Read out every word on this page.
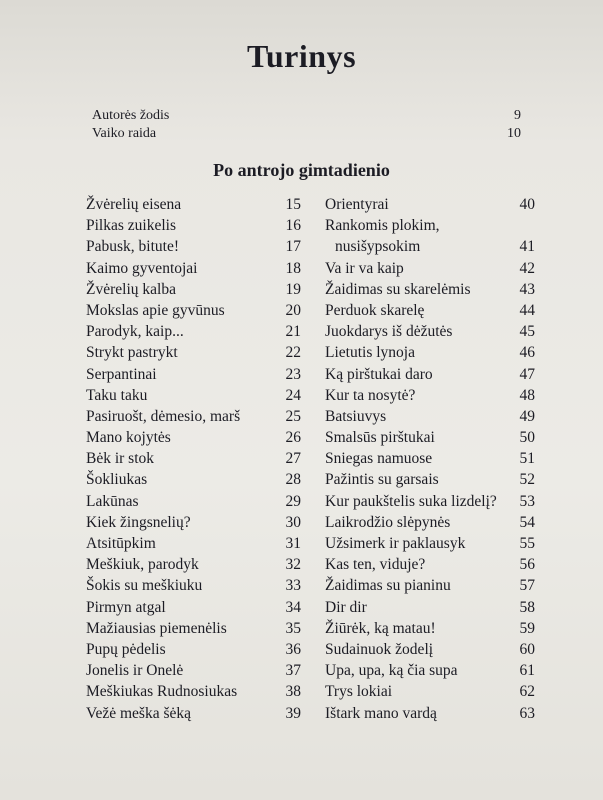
Turinys
Autorės žodis	9
Vaiko raida	10
Po antrojo gimtadienio
Žvėrelių eisena	15
Pilkas zuikelis	16
Pabusk, bitute!	17
Kaimo gyventojai	18
Žvėrelių kalba	19
Mokslas apie gyvūnus	20
Parodyk, kaip...	21
Strykt pastrykt	22
Serpantinai	23
Taku taku	24
Pasiruošt, dėmesio, marš	25
Mano kojytės	26
Bėk ir stok	27
Šokliukas	28
Lakūnas	29
Kiek žingsnelių?	30
Atsitūpkim	31
Meškiuk, parodyk	32
Šokis su meškiuku	33
Pirmyn atgal	34
Mažiausias piemenėlis	35
Pupų pėdelis	36
Jonelis ir Onelė	37
Meškiukas Rudnosiukas	38
Vežė meška šėką	39
Orientyrai	40
Rankomis plokim,
nusišypsokim	41
Va ir va kaip	42
Žaidimas su skarelėmis	43
Perduok skarelę	44
Juokdarys iš dėžutės	45
Lietutis lynoja	46
Ką pirštukai daro	47
Kur ta nosytė?	48
Batsiuvys	49
Smalsūs pirštukai	50
Sniegas namuose	51
Pažintis su garsais	52
Kur paukštelis suka lizdelį? 53
Laikrodžio slėpynės	54
Užsimerk ir paklausyk	55
Kas ten, viduje?	56
Žaidimas su pianinu	57
Dir dir	58
Žiūrėk, ką matau!	59
Sudainuok žodelį	60
Upa, upa, ką čia supa	61
Trys lokiai	62
Ištark mano vardą	63
